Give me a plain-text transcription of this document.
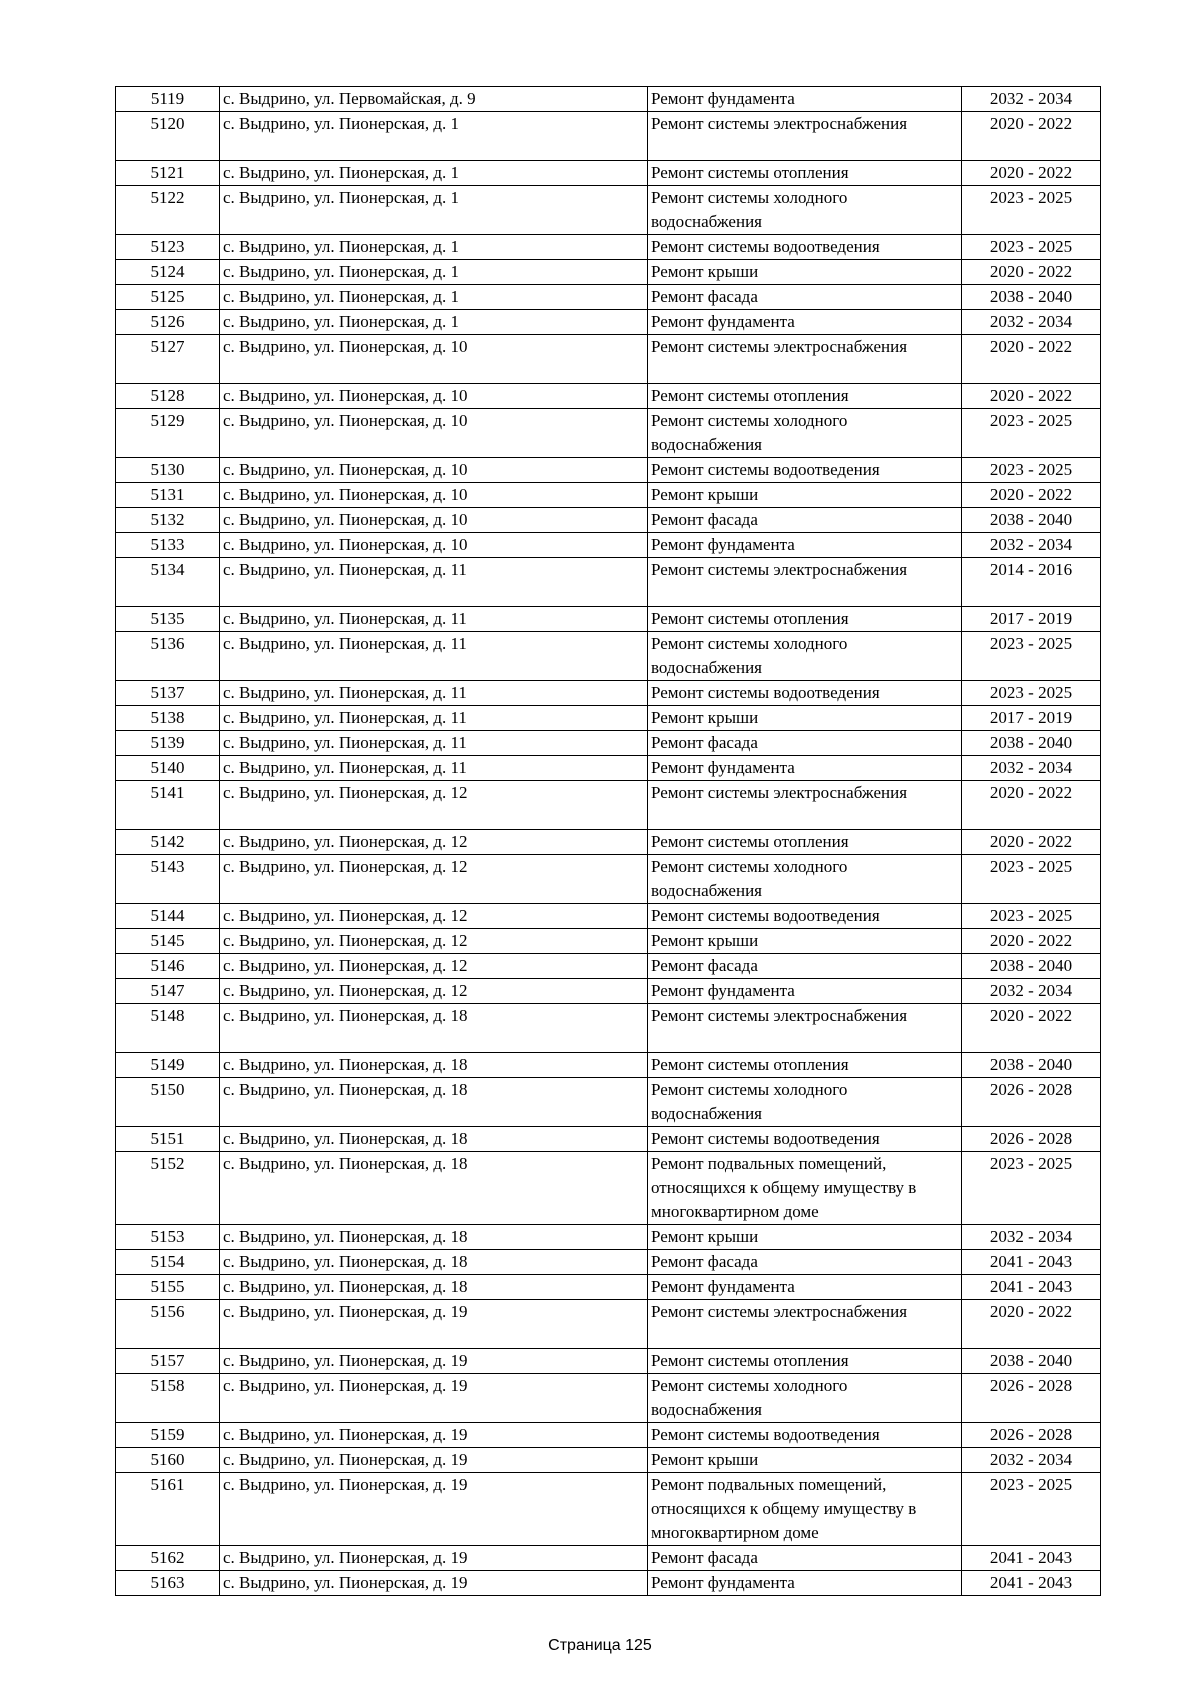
5119	с. Выдрино, ул. Первомайская, д. 9	Ремонт фундамента	2032 - 2034
5120	с. Выдрино, ул. Пионерская, д. 1	Ремонт системы электроснабжения	2020 - 2022
5121	с. Выдрино, ул. Пионерская, д. 1	Ремонт системы отопления	2020 - 2022
5122	с. Выдрино, ул. Пионерская, д. 1	Ремонт системы холодного водоснабжения	2023 - 2025
5123	с. Выдрино, ул. Пионерская, д. 1	Ремонт системы водоотведения	2023 - 2025
5124	с. Выдрино, ул. Пионерская, д. 1	Ремонт крыши	2020 - 2022
5125	с. Выдрино, ул. Пионерская, д. 1	Ремонт фасада	2038 - 2040
5126	с. Выдрино, ул. Пионерская, д. 1	Ремонт фундамента	2032 - 2034
5127	с. Выдрино, ул. Пионерская, д. 10	Ремонт системы электроснабжения	2020 - 2022
5128	с. Выдрино, ул. Пионерская, д. 10	Ремонт системы отопления	2020 - 2022
5129	с. Выдрино, ул. Пионерская, д. 10	Ремонт системы холодного водоснабжения	2023 - 2025
5130	с. Выдрино, ул. Пионерская, д. 10	Ремонт системы водоотведения	2023 - 2025
5131	с. Выдрино, ул. Пионерская, д. 10	Ремонт крыши	2020 - 2022
5132	с. Выдрино, ул. Пионерская, д. 10	Ремонт фасада	2038 - 2040
5133	с. Выдрино, ул. Пионерская, д. 10	Ремонт фундамента	2032 - 2034
5134	с. Выдрино, ул. Пионерская, д. 11	Ремонт системы электроснабжения	2014 - 2016
5135	с. Выдрино, ул. Пионерская, д. 11	Ремонт системы отопления	2017 - 2019
5136	с. Выдрино, ул. Пионерская, д. 11	Ремонт системы холодного водоснабжения	2023 - 2025
5137	с. Выдрино, ул. Пионерская, д. 11	Ремонт системы водоотведения	2023 - 2025
5138	с. Выдрино, ул. Пионерская, д. 11	Ремонт крыши	2017 - 2019
5139	с. Выдрино, ул. Пионерская, д. 11	Ремонт фасада	2038 - 2040
5140	с. Выдрино, ул. Пионерская, д. 11	Ремонт фундамента	2032 - 2034
5141	с. Выдрино, ул. Пионерская, д. 12	Ремонт системы электроснабжения	2020 - 2022
5142	с. Выдрино, ул. Пионерская, д. 12	Ремонт системы отопления	2020 - 2022
5143	с. Выдрино, ул. Пионерская, д. 12	Ремонт системы холодного водоснабжения	2023 - 2025
5144	с. Выдрино, ул. Пионерская, д. 12	Ремонт системы водоотведения	2023 - 2025
5145	с. Выдрино, ул. Пионерская, д. 12	Ремонт крыши	2020 - 2022
5146	с. Выдрино, ул. Пионерская, д. 12	Ремонт фасада	2038 - 2040
5147	с. Выдрино, ул. Пионерская, д. 12	Ремонт фундамента	2032 - 2034
5148	с. Выдрино, ул. Пионерская, д. 18	Ремонт системы электроснабжения	2020 - 2022
5149	с. Выдрино, ул. Пионерская, д. 18	Ремонт системы отопления	2038 - 2040
5150	с. Выдрино, ул. Пионерская, д. 18	Ремонт системы холодного водоснабжения	2026 - 2028
5151	с. Выдрино, ул. Пионерская, д. 18	Ремонт системы водоотведения	2026 - 2028
5152	с. Выдрино, ул. Пионерская, д. 18	Ремонт подвальных помещений, относящихся к общему имуществу в многоквартирном доме	2023 - 2025
5153	с. Выдрино, ул. Пионерская, д. 18	Ремонт крыши	2032 - 2034
5154	с. Выдрино, ул. Пионерская, д. 18	Ремонт фасада	2041 - 2043
5155	с. Выдрино, ул. Пионерская, д. 18	Ремонт фундамента	2041 - 2043
5156	с. Выдрино, ул. Пионерская, д. 19	Ремонт системы электроснабжения	2020 - 2022
5157	с. Выдрино, ул. Пионерская, д. 19	Ремонт системы отопления	2038 - 2040
5158	с. Выдрино, ул. Пионерская, д. 19	Ремонт системы холодного водоснабжения	2026 - 2028
5159	с. Выдрино, ул. Пионерская, д. 19	Ремонт системы водоотведения	2026 - 2028
5160	с. Выдрино, ул. Пионерская, д. 19	Ремонт крыши	2032 - 2034
5161	с. Выдрино, ул. Пионерская, д. 19	Ремонт подвальных помещений, относящихся к общему имуществу в многоквартирном доме	2023 - 2025
5162	с. Выдрино, ул. Пионерская, д. 19	Ремонт фасада	2041 - 2043
5163	с. Выдрино, ул. Пионерская, д. 19	Ремонт фундамента	2041 - 2043
Страница 125
